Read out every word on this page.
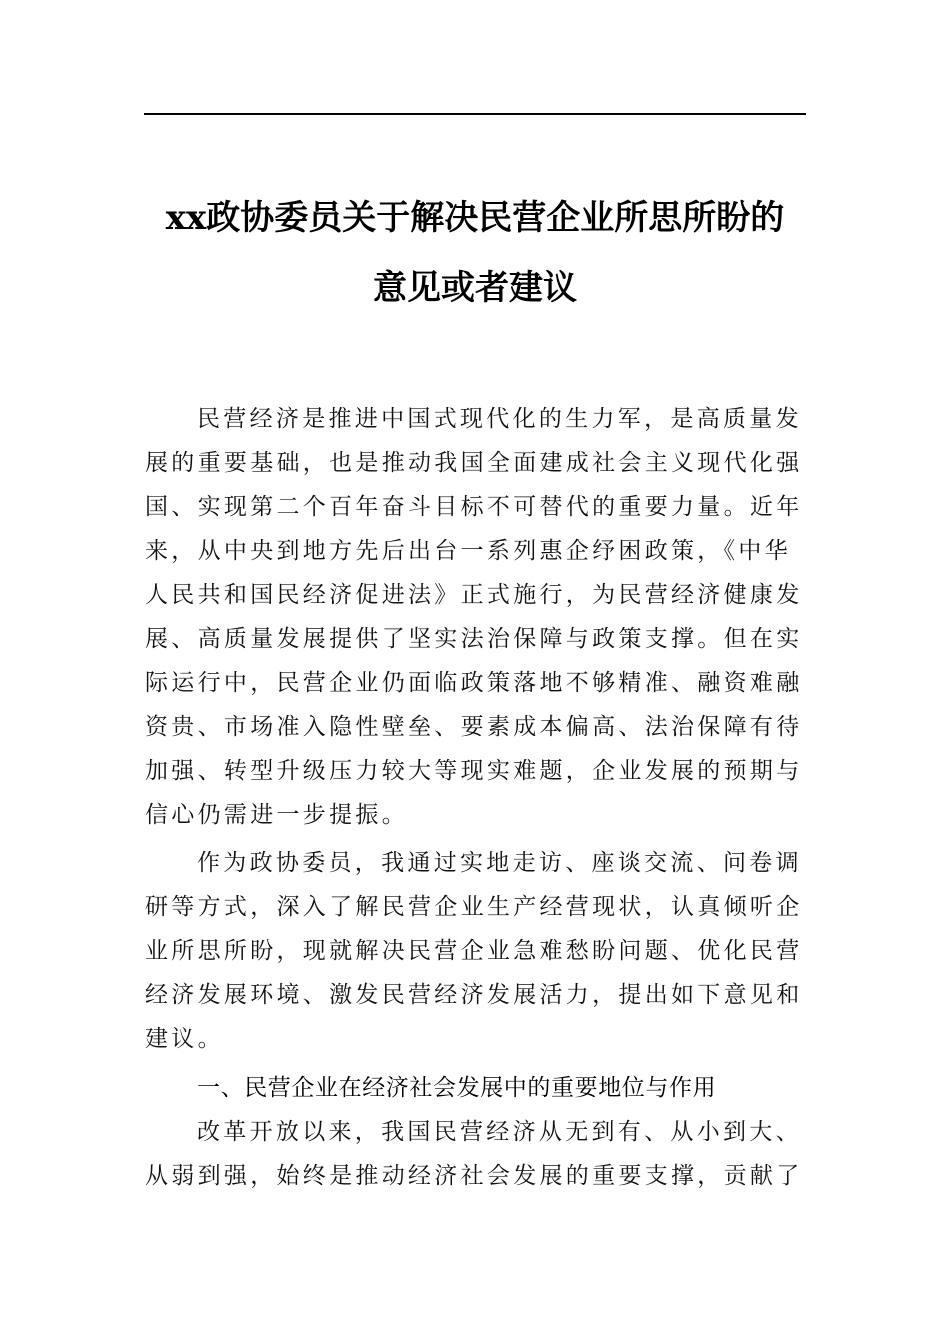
xx政协委员关于解决民营企业所思所盼的
意见或者建议
民营经济是推进中国式现代化的生力军，是高质量发
展的重要基础，也是推动我国全面建成社会主义现代化强
国、实现第二个百年奋斗目标不可替代的重要力量。近年
来，从中央到地方先后出台一系列惠企纾困政策，《中华
人民共和国民经济促进法》正式施行，为民营经济健康发
展、高质量发展提供了坚实法治保障与政策支撑。但在实
际运行中，民营企业仍面临政策落地不够精准、融资难融
资贵、市场准入隐性壁垒、要素成本偏高、法治保障有待
加强、转型升级压力较大等现实难题，企业发展的预期与
信心仍需进一步提振。
作为政协委员，我通过实地走访、座谈交流、问卷调
研等方式，深入了解民营企业生产经营现状，认真倾听企
业所思所盼，现就解决民营企业急难愁盼问题、优化民营
经济发展环境、激发民营经济发展活力，提出如下意见和
建议。
一、民营企业在经济社会发展中的重要地位与作用
改革开放以来，我国民营经济从无到有、从小到大、
从弱到强，始终是推动经济社会发展的重要支撑，贡献了
